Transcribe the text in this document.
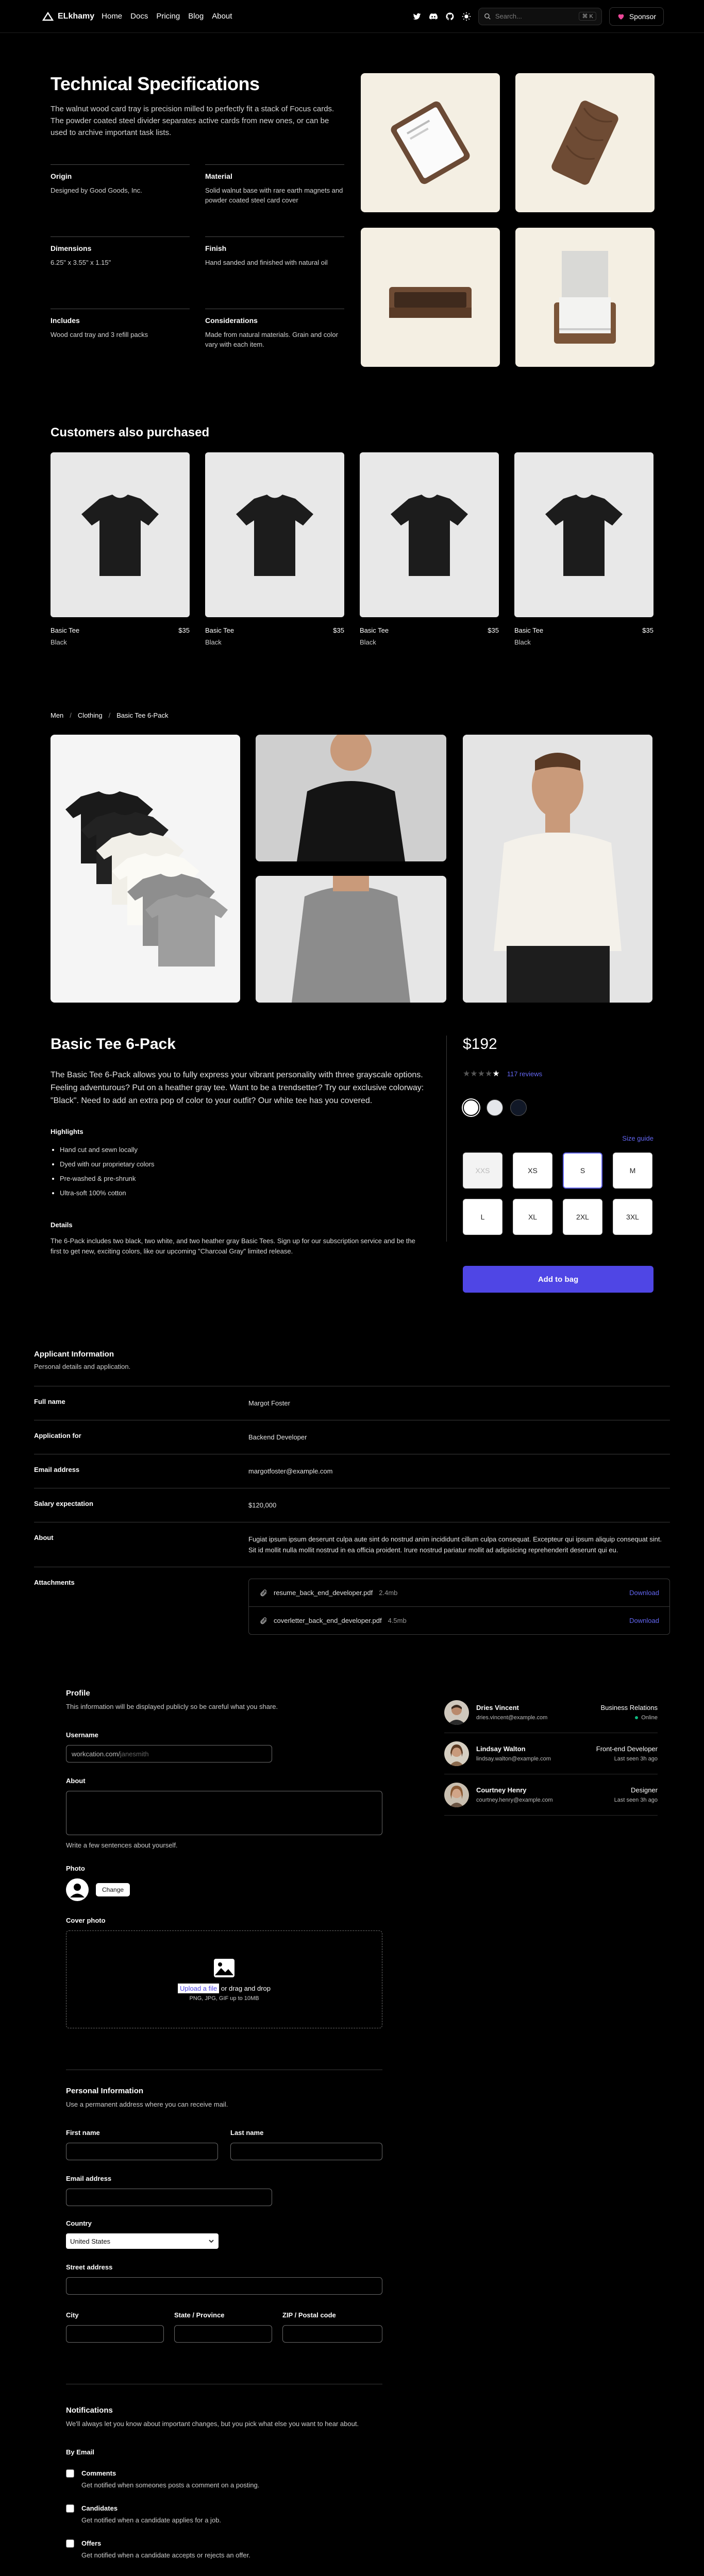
ELkhamy Home Docs Pricing Blog About	Search...	⌘ K	Sponsor
Technical Specifications

The walnut wood card tray is precision milled to perfectly fit a stack of Focus cards. The powder coated steel divider separates active cards from new ones, or can be used to archive important task lists.

Origin
Designed by Good Goods, Inc.
Material
Solid walnut base with rare earth magnets and powder coated steel card cover
Dimensions
6.25" x 3.55" x 1.15"
Finish
Hand sanded and finished with natural oil
Includes
Wood card tray and 3 refill packs
Considerations
Made from natural materials. Grain and color vary with each item.
Customers also purchased
Basic Tee	$35
Black
Basic Tee	$35
Black
Basic Tee	$35
Black
Basic Tee	$35
Black
Men / Clothing / Basic Tee 6-Pack
Basic Tee 6-Pack

The Basic Tee 6-Pack allows you to fully express your vibrant personality with three grayscale options. Feeling adventurous? Put on a heather gray tee. Want to be a trendsetter? Try our exclusive colorway: "Black". Need to add an extra pop of color to your outfit? Our white tee has you covered.

Highlights
• Hand cut and sewn locally
• Dyed with our proprietary colors
• Pre-washed & pre-shrunk
• Ultra-soft 100% cotton
Details

The 6-Pack includes two black, two white, and two heather gray Basic Tees. Sign up for our subscription service and be the first to get new, exciting colors, like our upcoming "Charcoal Gray" limited release.

$192
★★★★★ 117 reviews
Size guide
XXS	XS	S	M
L	XL	2XL	3XL
Add to bag
Applicant Information
Personal details and application.
Full name	Margot Foster
Application for	Backend Developer
Email address	margotfoster@example.com
Salary expectation	$120,000
About	Fugiat ipsum ipsum deserunt culpa aute sint do nostrud anim incididunt cillum culpa consequat. Excepteur qui ipsum aliquip consequat sint. Sit id mollit nulla mollit nostrud in ea officia proident. Irure nostrud pariatur mollit ad adipisicing reprehenderit deserunt qui eu.
Attachments
resume_back_end_developer.pdf 2.4mb	Download
coverletter_back_end_developer.pdf 4.5mb	Download
Profile
This information will be displayed publicly so be careful what you share.
Username
workcation.com/ janesmith
About
Write a few sentences about yourself.
Photo
Change
Cover photo
Upload a file or drag and drop
PNG, JPG, GIF up to 10MB
Personal Information
Use a permanent address where you can receive mail.
First name	Last name
Email address
Country
United States
Street address
City	State / Province	ZIP / Postal code
Notifications
We'll always let you know about important changes, but you pick what else you want to hear about.
By Email
Comments
Get notified when someones posts a comment on a posting.
Candidates
Get notified when a candidate applies for a job.
Offers
Get notified when a candidate accepts or rejects an offer.
Dries Vincent
dries.vincent@example.com
Business Relations
Online
Lindsay Walton
lindsay.walton@example.com
Front-end Developer
Last seen 3h ago
Courtney Henry
courtney.henry@example.com
Designer
Last seen 3h ago
